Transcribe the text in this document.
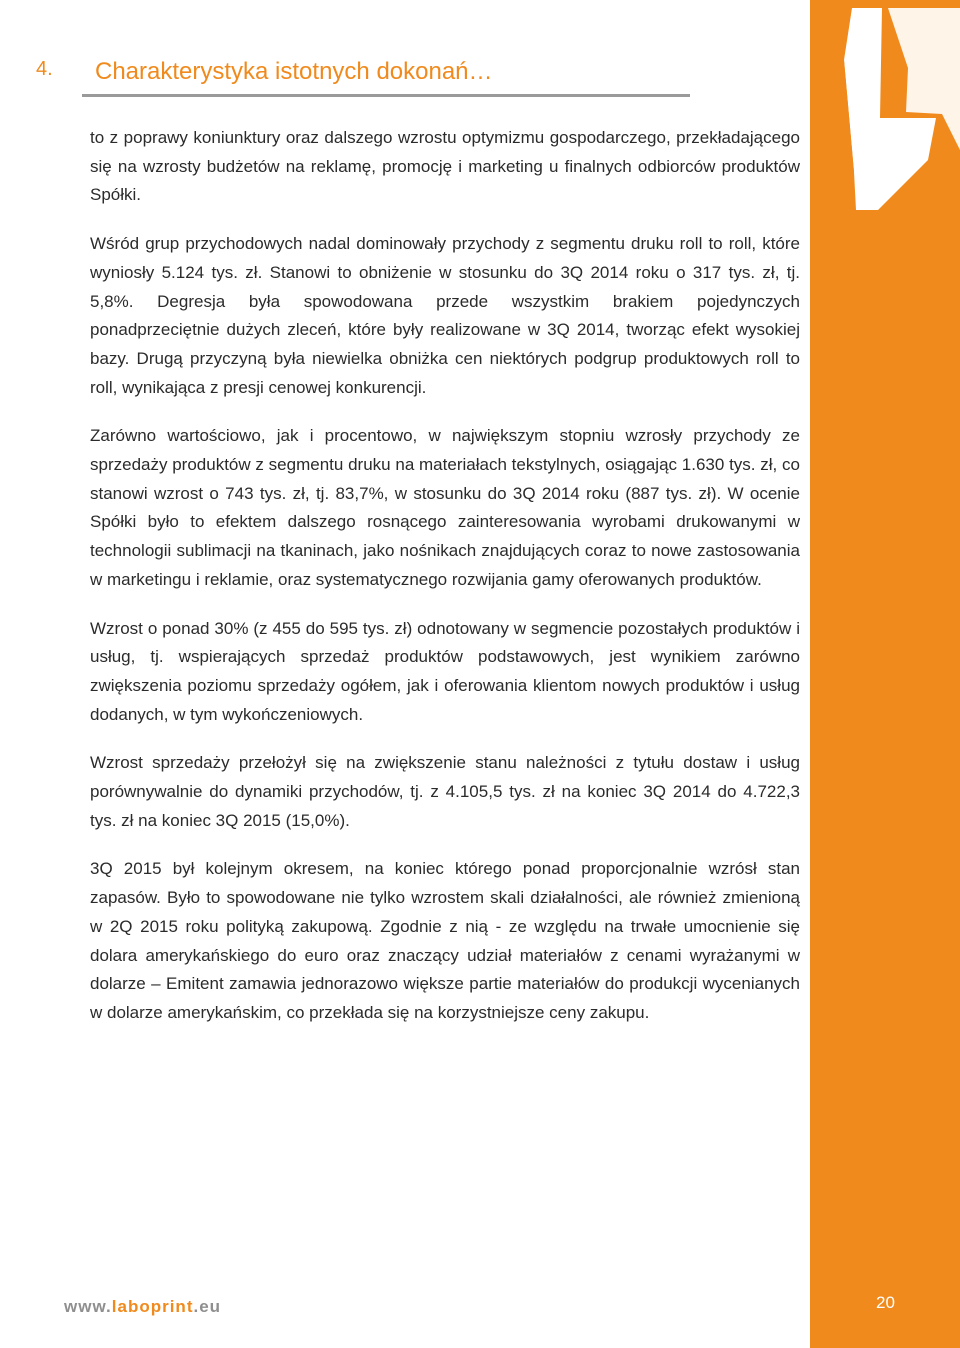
4. Charakterystyka istotnych dokonań…

to z poprawy koniunktury oraz dalszego wzrostu optymizmu gospodarczego, przekładającego się na wzrosty budżetów na reklamę, promocję i marketing u finalnych odbiorców produktów Spółki.

Wśród grup przychodowych nadal dominowały przychody z segmentu druku roll to roll, które wyniosły 5.124 tys. zł. Stanowi to obniżenie w stosunku do 3Q 2014 roku o 317 tys. zł, tj. 5,8%. Degresja była spowodowana przede wszystkim brakiem pojedynczych ponadprzeciętnie dużych zleceń, które były realizowane w 3Q 2014, tworząc efekt wysokiej bazy. Drugą przyczyną była niewielka obniżka cen niektórych podgrup produktowych roll to roll, wynikająca z presji cenowej konkurencji.

Zarówno wartościowo, jak i procentowo, w największym stopniu wzrosły przychody ze sprzedaży produktów z segmentu druku na materiałach tekstylnych, osiągając 1.630 tys. zł, co stanowi wzrost o 743 tys. zł, tj. 83,7%, w stosunku do 3Q 2014 roku (887 tys. zł). W ocenie Spółki było to efektem dalszego rosnącego zainteresowania wyrobami drukowanymi w technologii sublimacji na tkaninach, jako nośnikach znajdujących coraz to nowe zastosowania w marketingu i reklamie, oraz systematycznego rozwijania gamy oferowanych produktów.

Wzrost o ponad 30% (z 455 do 595 tys. zł) odnotowany w segmencie pozostałych produktów i usług, tj. wspierających sprzedaż produktów podstawowych, jest wynikiem zarówno zwiększenia poziomu sprzedaży ogółem, jak i oferowania klientom nowych produktów i usług dodanych, w tym wykończeniowych.

Wzrost sprzedaży przełożył się na zwiększenie stanu należności z tytułu dostaw i usług porównywalnie do dynamiki przychodów, tj. z 4.105,5 tys. zł na koniec 3Q 2014 do 4.722,3 tys. zł na koniec 3Q 2015 (15,0%).

3Q 2015 był kolejnym okresem, na koniec którego ponad proporcjonalnie wzrósł stan zapasów. Było to spowodowane nie tylko wzrostem skali działalności, ale również zmienioną w 2Q 2015 roku polityką zakupową. Zgodnie z nią - ze względu na trwałe umocnienie się dolara amerykańskiego do euro oraz znaczący udział materiałów z cenami wyrażanymi w dolarze – Emitent zamawia jednorazowo większe partie materiałów do produkcji wycenianych w dolarze amerykańskim, co przekłada się na korzystniejsze ceny zakupu.

www.laboprint.eu	20
